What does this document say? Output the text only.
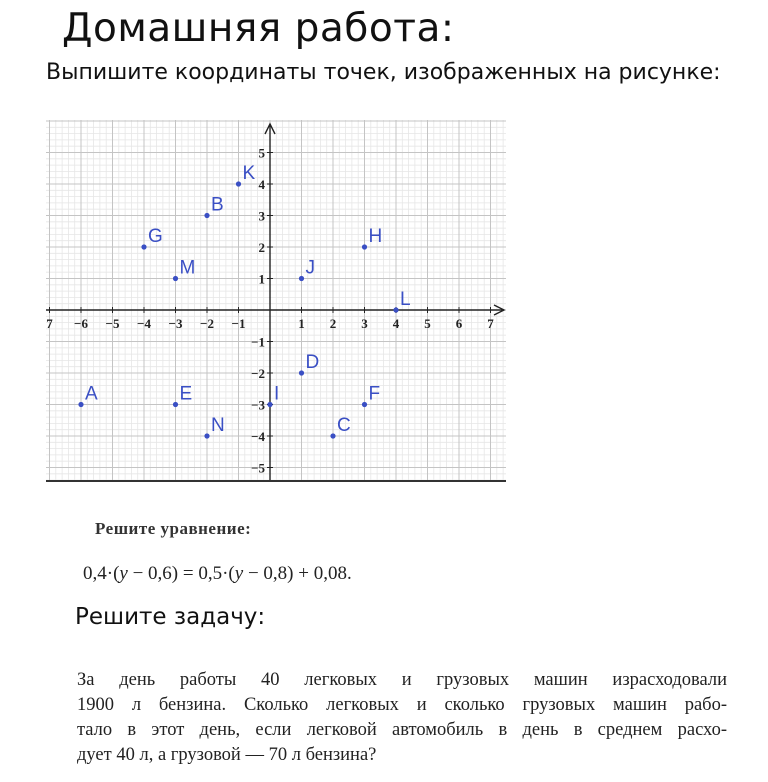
Домашняя работа:
Выпишите координаты точек, изображенных на рисунке:
7 −6 −5 −4 −3 −2 −1	1 2 3 4 5 6 7
5
4
3
2
1
−1
−2
−3
−4
−5
K
B
G	H
M	J
L
D
A	E	I	F
N	C
Решите уравнение:
0,4·(y − 0,6) = 0,5·(y − 0,8) + 0,08.
Решите задачу:
За день работы 40 легковых и грузовых машин израсходовали
1900 л бензина. Сколько легковых и сколько грузовых машин рабо-
тало в этот день, если легковой автомобиль в день в среднем расхо-
дует 40 л, а грузовой — 70 л бензина?
